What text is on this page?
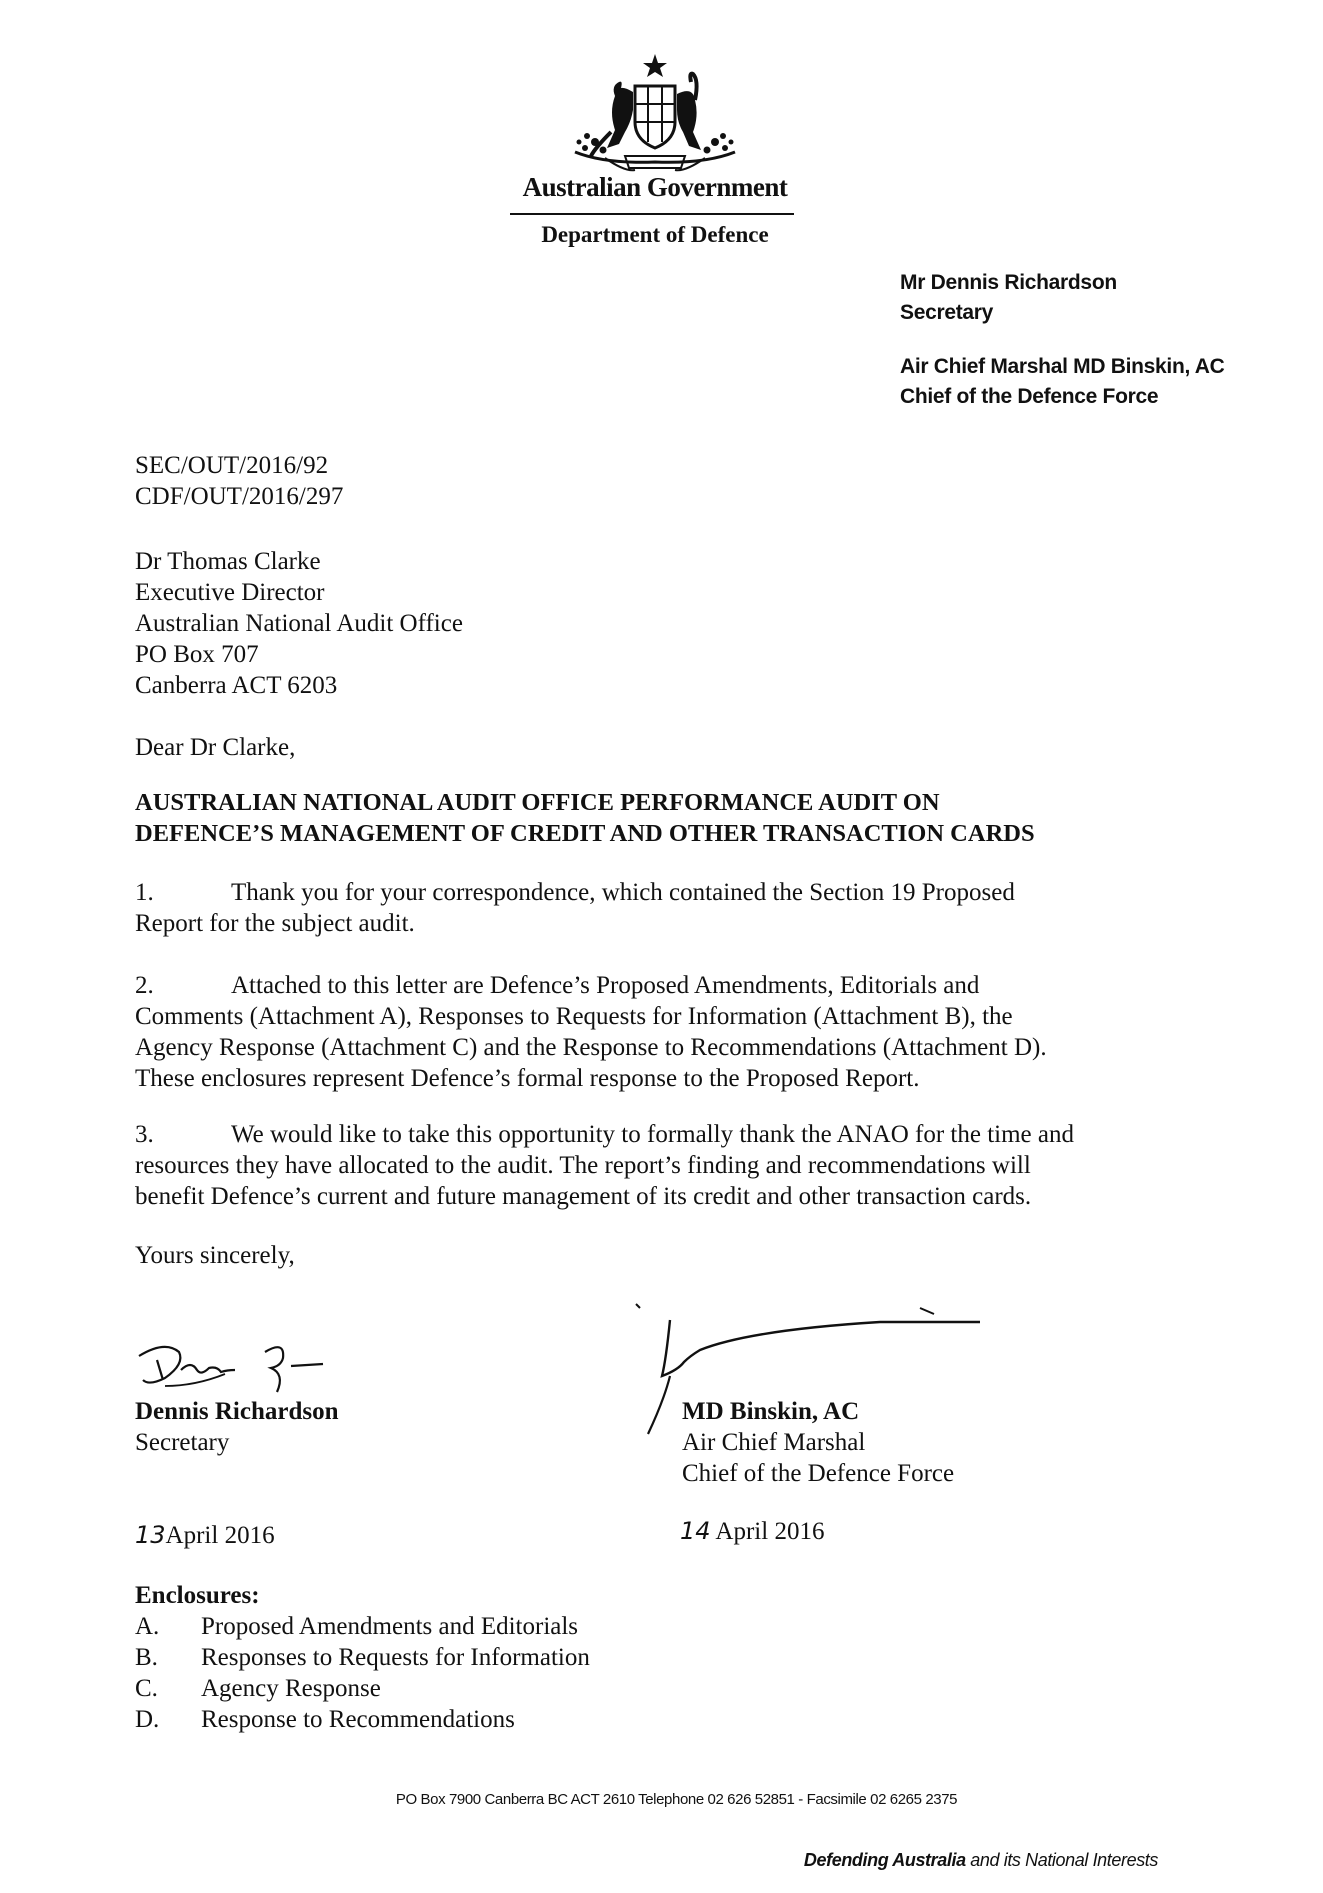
Australian Government
Department of Defence
Mr Dennis Richardson
Secretary
Air Chief Marshal MD Binskin, AC
Chief of the Defence Force
SEC/OUT/2016/92
CDF/OUT/2016/297
Dr Thomas Clarke
Executive Director
Australian National Audit Office
PO Box 707
Canberra ACT 6203
Dear Dr Clarke,
AUSTRALIAN NATIONAL AUDIT OFFICE PERFORMANCE AUDIT ON
DEFENCE’S MANAGEMENT OF CREDIT AND OTHER TRANSACTION CARDS
1.	Thank you for your correspondence, which contained the Section 19 Proposed
Report for the subject audit.
2.	Attached to this letter are Defence’s Proposed Amendments, Editorials and
Comments (Attachment A), Responses to Requests for Information (Attachment B), the
Agency Response (Attachment C) and the Response to Recommendations (Attachment D).
These enclosures represent Defence’s formal response to the Proposed Report.
3.	We would like to take this opportunity to formally thank the ANAO for the time and
resources they have allocated to the audit. The report’s finding and recommendations will
benefit Defence’s current and future management of its credit and other transaction cards.
Yours sincerely,
Dennis Richardson
Secretary
MD Binskin, AC
Air Chief Marshal
Chief of the Defence Force
13April 2016	14 April 2016
Enclosures:
A. Proposed Amendments and Editorials
B. Responses to Requests for Information
C. Agency Response
D. Response to Recommendations
PO Box 7900 Canberra BC ACT 2610 Telephone 02 626 52851 - Facsimile 02 6265 2375
Defending Australia and its National Interests
